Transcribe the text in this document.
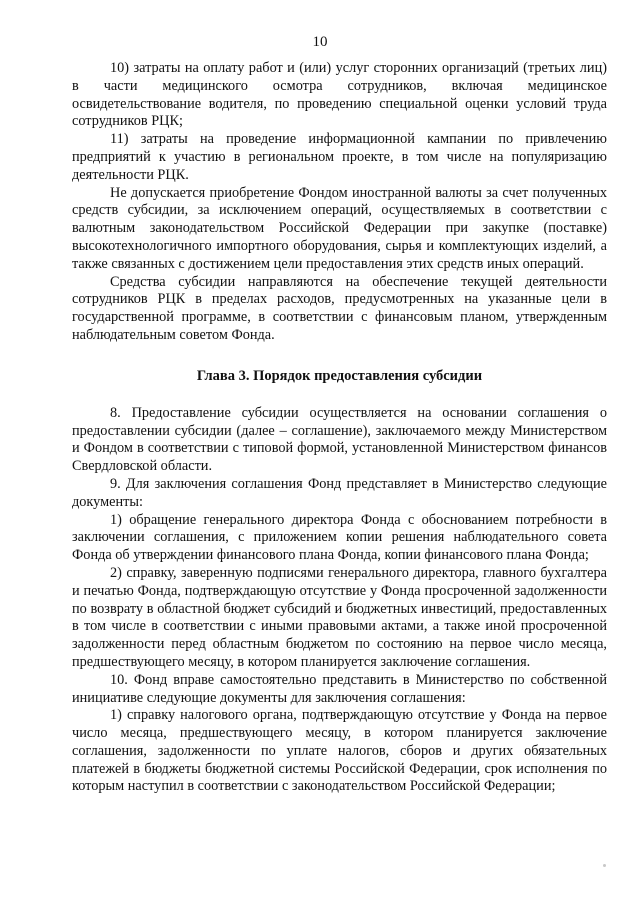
10

10) затраты на оплату работ и (или) услуг сторонних организаций (третьих лиц) в части медицинского осмотра сотрудников, включая медицинское освидетельствование водителя, по проведению специальной оценки условий труда сотрудников РЦК;

11) затраты на проведение информационной кампании по привлечению предприятий к участию в региональном проекте, в том числе на популяризацию деятельности РЦК.

Не допускается приобретение Фондом иностранной валюты за счет полученных средств субсидии, за исключением операций, осуществляемых в соответствии с валютным законодательством Российской Федерации при закупке (поставке) высокотехнологичного импортного оборудования, сырья и комплектующих изделий, а также связанных с достижением цели предоставления этих средств иных операций.

Средства субсидии направляются на обеспечение текущей деятельности сотрудников РЦК в пределах расходов, предусмотренных на указанные цели в государственной программе, в соответствии с финансовым планом, утвержденным наблюдательным советом Фонда.

Глава 3. Порядок предоставления субсидии

8. Предоставление субсидии осуществляется на основании соглашения о предоставлении субсидии (далее – соглашение), заключаемого между Министерством и Фондом в соответствии с типовой формой, установленной Министерством финансов Свердловской области.

9. Для заключения соглашения Фонд представляет в Министерство следующие документы:

1) обращение генерального директора Фонда с обоснованием потребности в заключении соглашения, с приложением копии решения наблюдательного совета Фонда об утверждении финансового плана Фонда, копии финансового плана Фонда;

2) справку, заверенную подписями генерального директора, главного бухгалтера и печатью Фонда, подтверждающую отсутствие у Фонда просроченной задолженности по возврату в областной бюджет субсидий и бюджетных инвестиций, предоставленных в том числе в соответствии с иными правовыми актами, а также иной просроченной задолженности перед областным бюджетом по состоянию на первое число месяца, предшествующего месяцу, в котором планируется заключение соглашения.

10. Фонд вправе самостоятельно представить в Министерство по собственной инициативе следующие документы для заключения соглашения:

1) справку налогового органа, подтверждающую отсутствие у Фонда на первое число месяца, предшествующего месяцу, в котором планируется заключение соглашения, задолженности по уплате налогов, сборов и других обязательных платежей в бюджеты бюджетной системы Российской Федерации, срок исполнения по которым наступил в соответствии с законодательством Российской Федерации;
